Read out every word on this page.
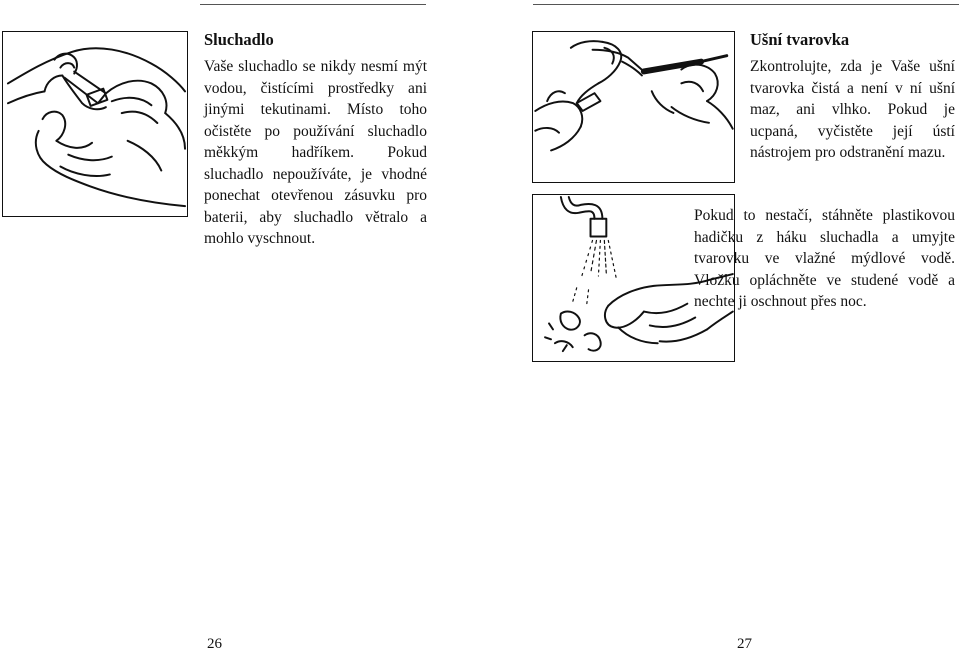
Sluchadlo

Vaše sluchadlo se nikdy nesmí mýt vodou, čistícími prostředky ani jinými tekutinami. Místo toho očistěte po používání sluchadlo měkkým hadříkem. Pokud sluchadlo nepoužíváte, je vhodné ponechat otevřenou zásuvku pro baterii, aby sluchadlo větralo a mohlo vyschnout.

26
Ušní tvarovka

Zkontrolujte, zda je Vaše ušní tvarovka čistá a není v ní ušní maz, ani vlhko. Pokud je ucpaná, vyčistěte její ústí nástrojem pro odstranění mazu.

Pokud to nestačí, stáhněte plastikovou hadičku z háku sluchadla a umyjte tvarovku ve vlažné mýdlové vodě. Vložku opláchněte ve studené vodě a nechte ji oschnout přes noc.

27
